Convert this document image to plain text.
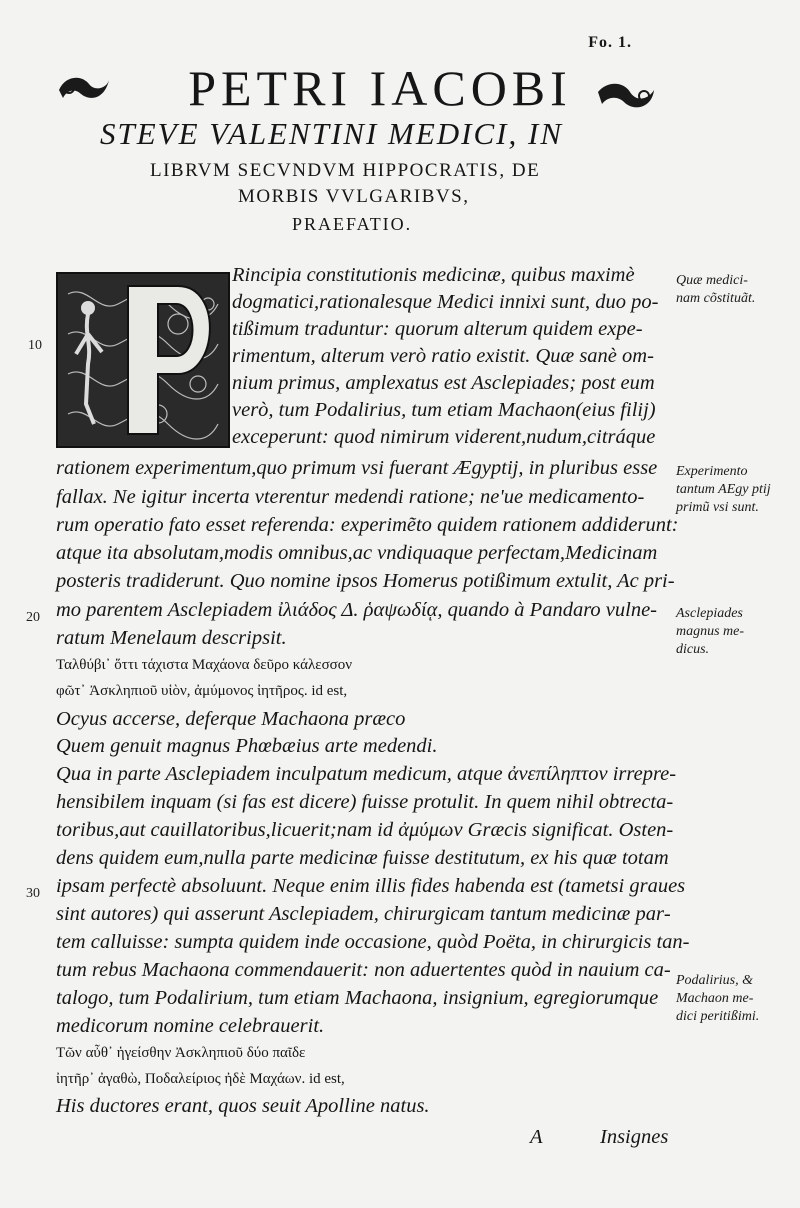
Fo. 1.
PETRI IACOBI
STEVE VALENTINI MEDICI, IN
LIBRVM SECVNDVM HIPPOCRATIS, DE
MORBIS VVLGARIBVS,
PRAEFATIO.
Rincipia constitutionis medicinæ, quibus maximè
dogmatici,rationalesque Medici innixi sunt, duo po‑
tißimum traduntur: quorum alterum quidem expe‑
rimentum, alterum verò ratio existit. Quæ sanè om‑
nium primus, amplexatus est Asclepiades; post eum
verò, tum Podalirius, tum etiam Machaon(eius filij)
exceperunt: quod nimirum viderent,nudum,citráque
rationem experimentum,quo primum vsi fuerant Ægyptij, in pluribus esse
fallax. Ne igitur incerta vterentur medendi ratione; ne'ue medicamento‑
rum operatio fato esset referenda: experimẽto quidem rationem addiderunt:
atque ita absolutam,modis omnibus,ac vndiquaque perfectam,Medicinam
posteris tradiderunt. Quo nomine ipsos Homerus potißimum extulit, Ac pri‑
mo parentem Asclepiadem ἰλιάδος Δ. ῥαψωδίᾳ, quando à Pandaro vulne‑
ratum Menelaum descripsit.
Ταλθύβι᾽ ὅττι τάχιστα Μαχάονα δεῦρο κάλεσσον
φῶτ᾽ Ἀσκληπιοῦ υἱὸν, ἀμύμονος ἰητῆρος. id est,
Ocyus accerse, deferque Machaona præco
Quem genuit magnus Phœbæius arte medendi.
Qua in parte Asclepiadem inculpatum medicum, atque ἀνεπίληπτον irrepre‑
hensibilem inquam (si fas est dicere) fuisse protulit. In quem nihil obtrecta‑
toribus,aut cauillatoribus,licuerit;nam id ἀμύμων Græcis significat. Osten‑
dens quidem eum,nulla parte medicinæ fuisse destitutum, ex his quæ totam
ipsam perfectè absoluunt. Neque enim illis fides habenda est (tametsi graues
sint autores) qui asserunt Asclepiadem, chirurgicam tantum medicinæ par‑
tem calluisse: sumpta quidem inde occasione, quòd Poëta, in chirurgicis tan‑
tum rebus Machaona commendauerit: non aduertentes quòd in nauium ca‑
talogo, tum Podalirium, tum etiam Machaona, insignium, egregiorumque
medicorum nomine celebrauerit.
Τῶν αὖθ᾽ ἡγείσθην Ἀσκληπιοῦ δύο παῖδε
ἰητῆρ᾽ ἀγαθὼ, Ποδαλείριος ἠδὲ Μαχάων. id est,
His ductores erant, quos seuit Apolline natus.
A	Insignes
Quæ medici‑ nam cõstituãt.
Experimento tantum AEgy ptij primũ vsi sunt.
Asclepiades magnus me‑ dicus.
Podalirius, & Machaon me‑ dici peritißimi.
10
20
30
